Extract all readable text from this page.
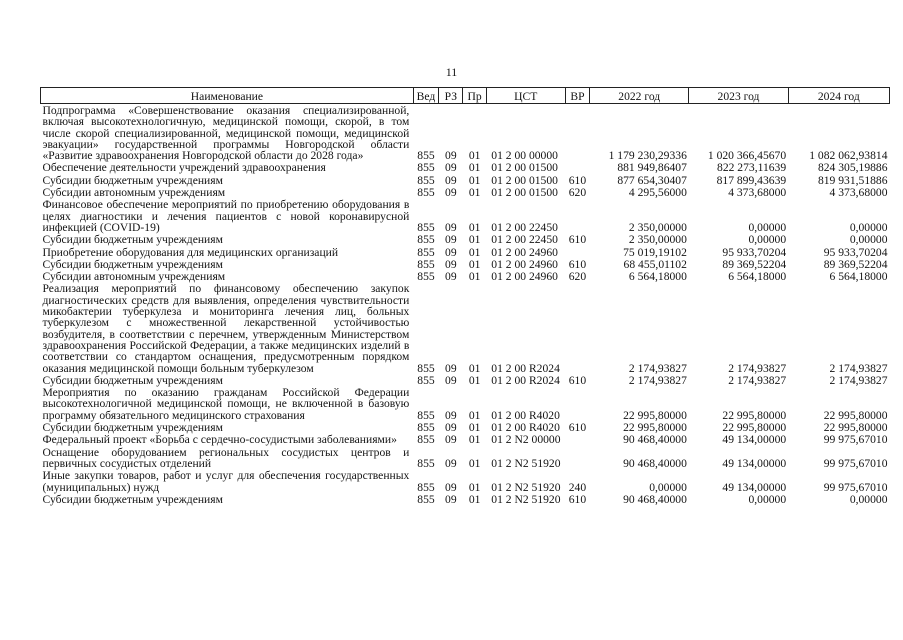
11
Наименование	Вед	РЗ	Пр	ЦСТ	ВР	2022 год	2023 год	2024 год
Подпрограмма «Совершенствование оказания специализированной, включая высокотехнологичную, медицинской помощи, скорой, в том числе скорой специализированной, медицинской помощи, медицинской эвакуации» государственной программы Новгородской области «Развитие здравоохранения Новгородской области до 2028 года»	855	09	01	01 2 00 00000		1 179 230,29336	1 020 366,45670	1 082 062,93814
Обеспечение деятельности учреждений здравоохранения	855	09	01	01 2 00 01500		881 949,86407	822 273,11639	824 305,19886
Субсидии бюджетным учреждениям	855	09	01	01 2 00 01500	610	877 654,30407	817 899,43639	819 931,51886
Субсидии автономным учреждениям	855	09	01	01 2 00 01500	620	4 295,56000	4 373,68000	4 373,68000
Финансовое обеспечение мероприятий по приобретению оборудования в целях диагностики и лечения пациентов с новой коронавирусной инфекцией (COVID-19)	855	09	01	01 2 00 22450		2 350,00000	0,00000	0,00000
Субсидии бюджетным учреждениям	855	09	01	01 2 00 22450	610	2 350,00000	0,00000	0,00000
Приобретение оборудования для медицинских организаций	855	09	01	01 2 00 24960		75 019,19102	95 933,70204	95 933,70204
Субсидии бюджетным учреждениям	855	09	01	01 2 00 24960	610	68 455,01102	89 369,52204	89 369,52204
Субсидии автономным учреждениям	855	09	01	01 2 00 24960	620	6 564,18000	6 564,18000	6 564,18000
Реализация мероприятий по финансовому обеспечению закупок диагностических средств для выявления, определения чувствительности микобактерии туберкулеза и мониторинга лечения лиц, больных туберкулезом с множественной лекарственной устойчивостью возбудителя, в соответствии с перечнем, утвержденным Министерством здравоохранения Российской Федерации, а также медицинских изделий в соответствии со стандартом оснащения, предусмотренным порядком оказания медицинской помощи больным туберкулезом	855	09	01	01 2 00 R2024		2 174,93827	2 174,93827	2 174,93827
Субсидии бюджетным учреждениям	855	09	01	01 2 00 R2024	610	2 174,93827	2 174,93827	2 174,93827
Мероприятия по оказанию гражданам Российской Федерации высокотехнологичной медицинской помощи, не включенной в базовую программу обязательного медицинского страхования	855	09	01	01 2 00 R4020		22 995,80000	22 995,80000	22 995,80000
Субсидии бюджетным учреждениям	855	09	01	01 2 00 R4020	610	22 995,80000	22 995,80000	22 995,80000
Федеральный проект «Борьба с сердечно-сосудистыми заболеваниями»	855	09	01	01 2 N2 00000		90 468,40000	49 134,00000	99 975,67010
Оснащение оборудованием региональных сосудистых центров и первичных сосудистых отделений	855	09	01	01 2 N2 51920		90 468,40000	49 134,00000	99 975,67010
Иные закупки товаров, работ и услуг для обеспечения государственных (муниципальных) нужд	855	09	01	01 2 N2 51920	240	0,00000	49 134,00000	99 975,67010
Субсидии бюджетным учреждениям	855	09	01	01 2 N2 51920	610	90 468,40000	0,00000	0,00000
